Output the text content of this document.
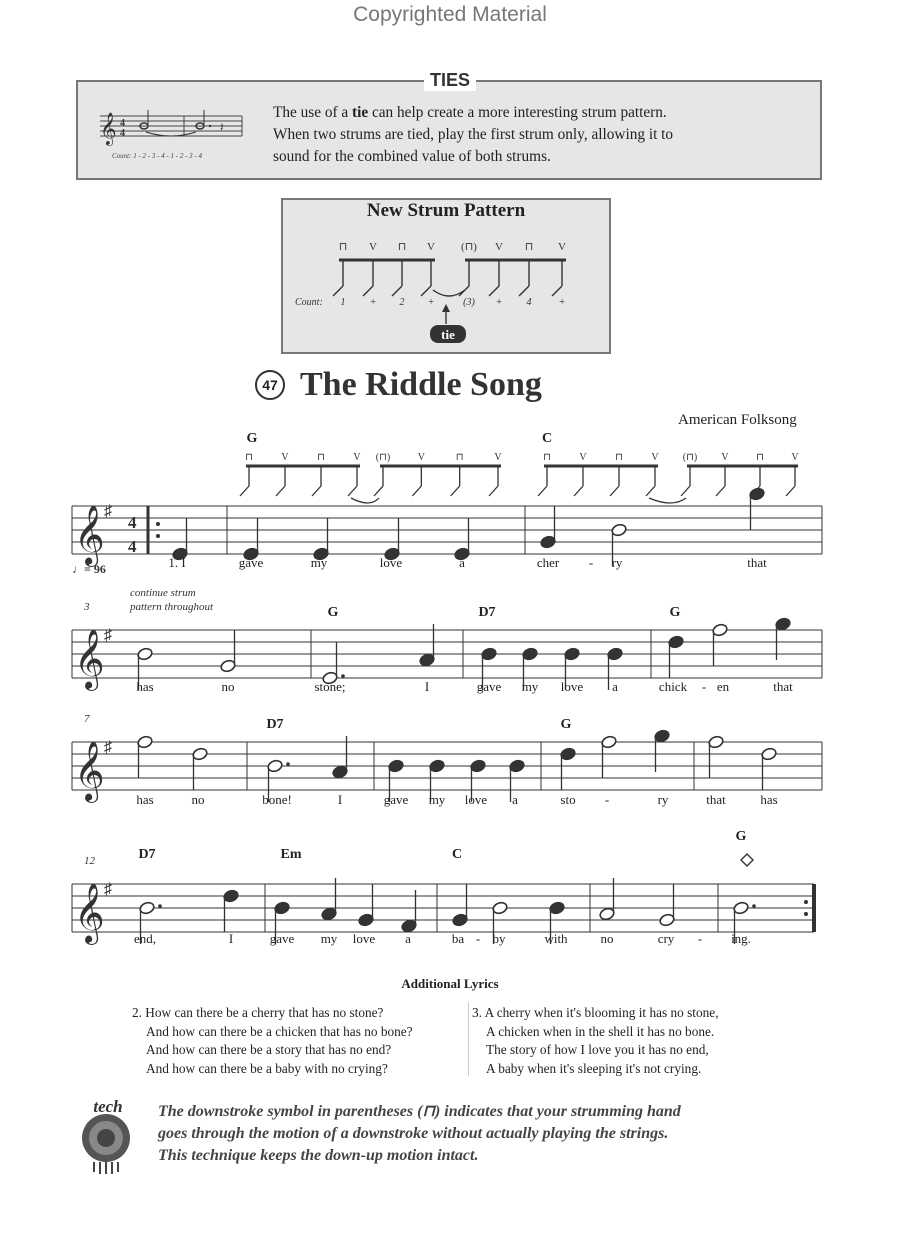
Copyrighted Material
TIES
𝄞 4
4	𝄽
Count: 1 - 2 - 3 - 4 - 1 - 2 - 3 - 4
The use of a tie can help create a more interesting strum pattern.
When two strums are tied, play the first strum only, allowing it to
sound for the combined value of both strums.
New Strum Pattern
⊓ V ⊓ V (⊓) V ⊓ V
Count: 1 + 2 +	(3) + 4	+
tie
47 The Riddle Song
American Folksong
𝄞 ♯
4
4
♩= 96
G	C
⊓	V	⊓	V (⊓)	V	⊓	V	⊓	V	⊓	V (⊓) V	⊓	V
1. I	gave	my	love	a	cher - ry	that
𝄞 ♯
3
continue strum
pattern throughout	G	D7	G
has	no	stone;	I	gave my love a	chick - en	that
𝄞 ♯
7	D7	G
has	no	bone!	I	gave my love a	sto -	ry	that	has
𝄞 ♯
12	D7	Em	C
G
end,	I	gave my love a	ba - by	with	no	cry - ing.
Additional Lyrics
2. How can there be a cherry that has no stone?
And how can there be a chicken that has no bone?
And how can there be a story that has no end?
And how can there be a baby with no crying?
3. A cherry when it's blooming it has no stone,
A chicken when in the shell it has no bone.
The story of how I love you it has no end,
A baby when it's sleeping it's not crying.
tech The downstroke symbol in parentheses (⊓) indicates that your strumming hand
goes through the motion of a downstroke without actually playing the strings.
This technique keeps the down-up motion intact.
